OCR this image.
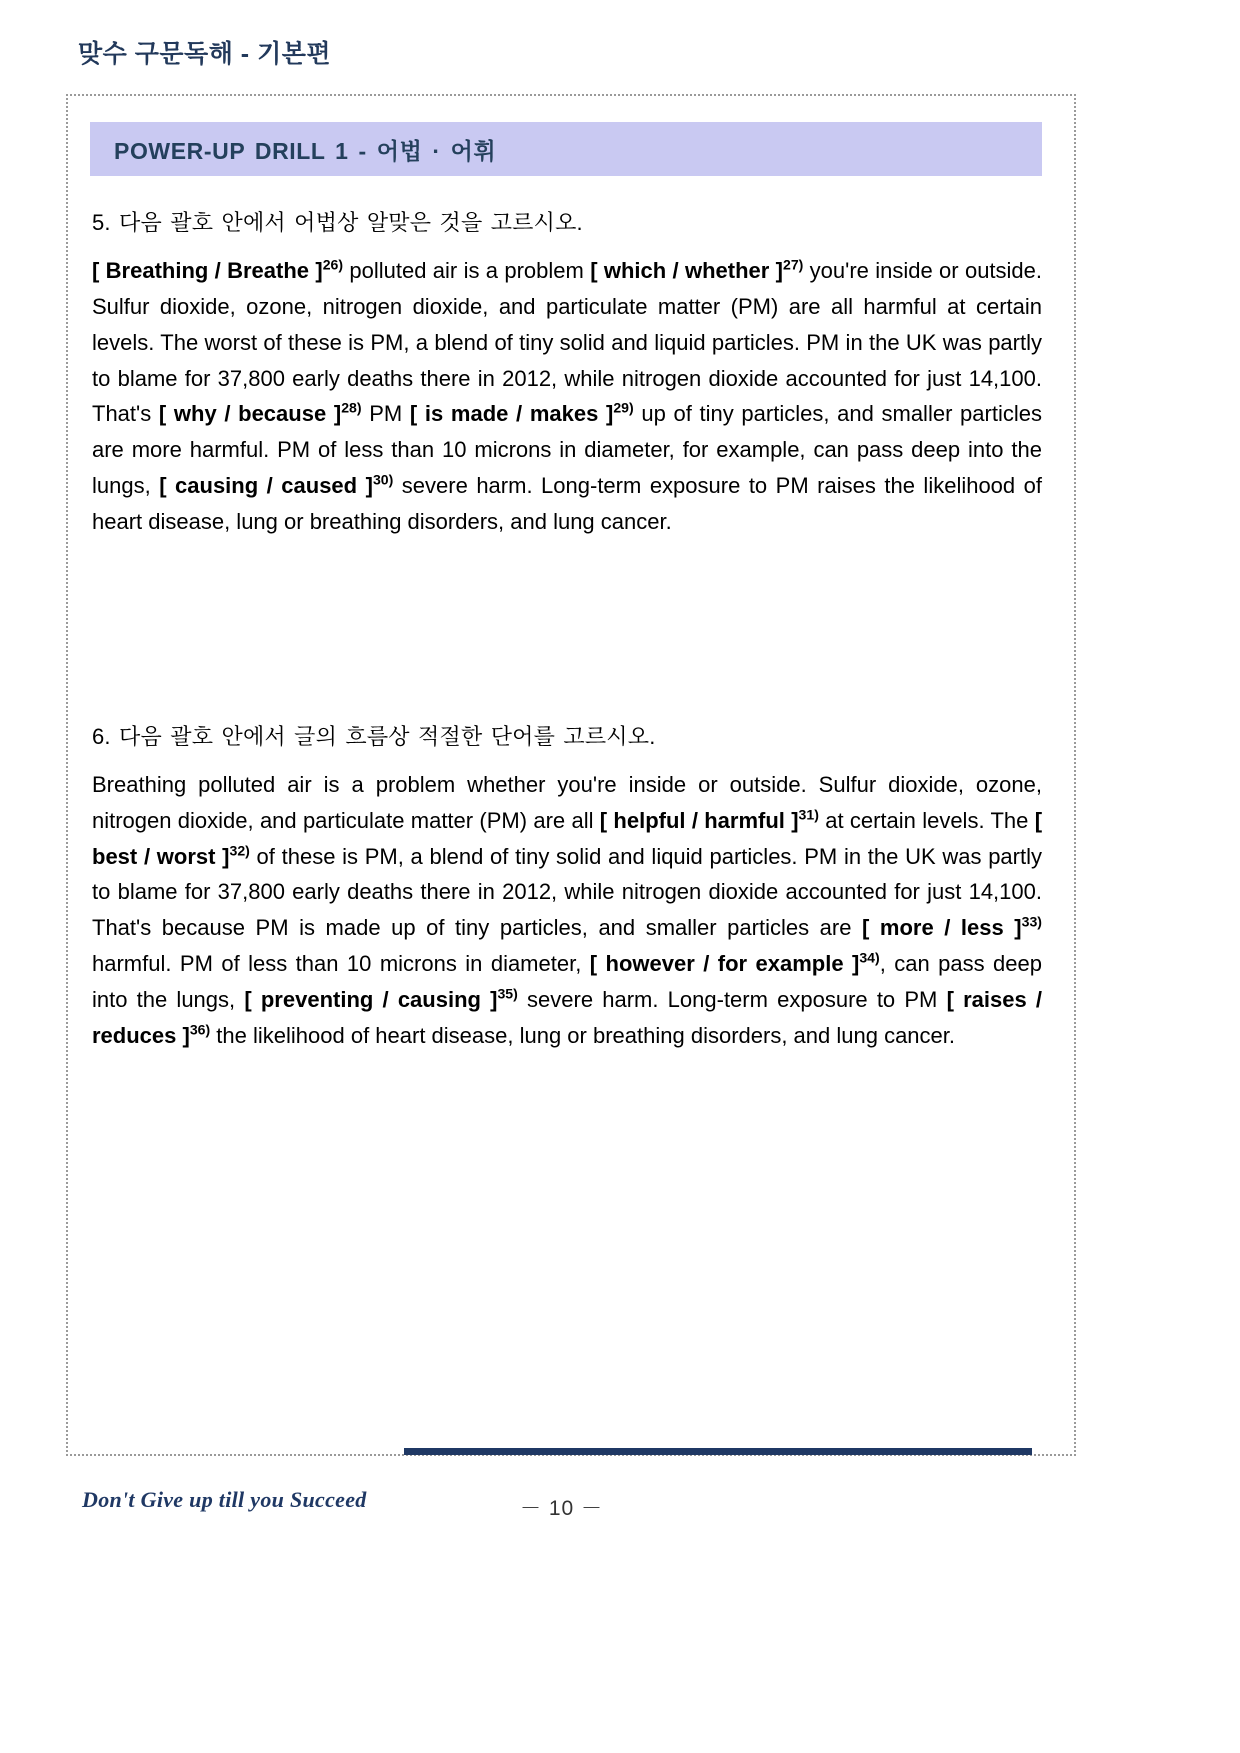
맞수 구문독해 - 기본편
POWER-UP DRILL 1 - 어법 · 어휘
5. 다음 괄호 안에서 어법상 알맞은 것을 고르시오.
[ Breathing / Breathe ]$^{26)}$ polluted air is a problem [ which / whether ]$^{27)}$ you're inside or outside. Sulfur dioxide, ozone, nitrogen dioxide, and particulate matter (PM) are all harmful at certain levels. The worst of these is PM, a blend of tiny solid and liquid particles. PM in the UK was partly to blame for 37,800 early deaths there in 2012, while nitrogen dioxide accounted for just 14,100. That's [ why / because ]$^{28)}$ PM [ is made / makes ]$^{29)}$ up of tiny particles, and smaller particles are more harmful. PM of less than 10 microns in diameter, for example, can pass deep into the lungs, [ causing / caused ]$^{30)}$ severe harm. Long-term exposure to PM raises the likelihood of heart disease, lung or breathing disorders, and lung cancer.
6. 다음 괄호 안에서 글의 흐름상 적절한 단어를 고르시오.
Breathing polluted air is a problem whether you're inside or outside. Sulfur dioxide, ozone, nitrogen dioxide, and particulate matter (PM) are all [ helpful / harmful ]$^{31)}$ at certain levels. The [ best / worst ]$^{32)}$ of these is PM, a blend of tiny solid and liquid particles. PM in the UK was partly to blame for 37,800 early deaths there in 2012, while nitrogen dioxide accounted for just 14,100. That's because PM is made up of tiny particles, and smaller particles are [ more / less ]$^{33)}$ harmful. PM of less than 10 microns in diameter, [ however / for example ]$^{34)}$, can pass deep into the lungs, [ preventing / causing ]$^{35)}$ severe harm. Long-term exposure to PM [ raises / reduces ]$^{36)}$ the likelihood of heart disease, lung or breathing disorders, and lung cancer.
Don't Give up till you Succeed	－ 10 －
